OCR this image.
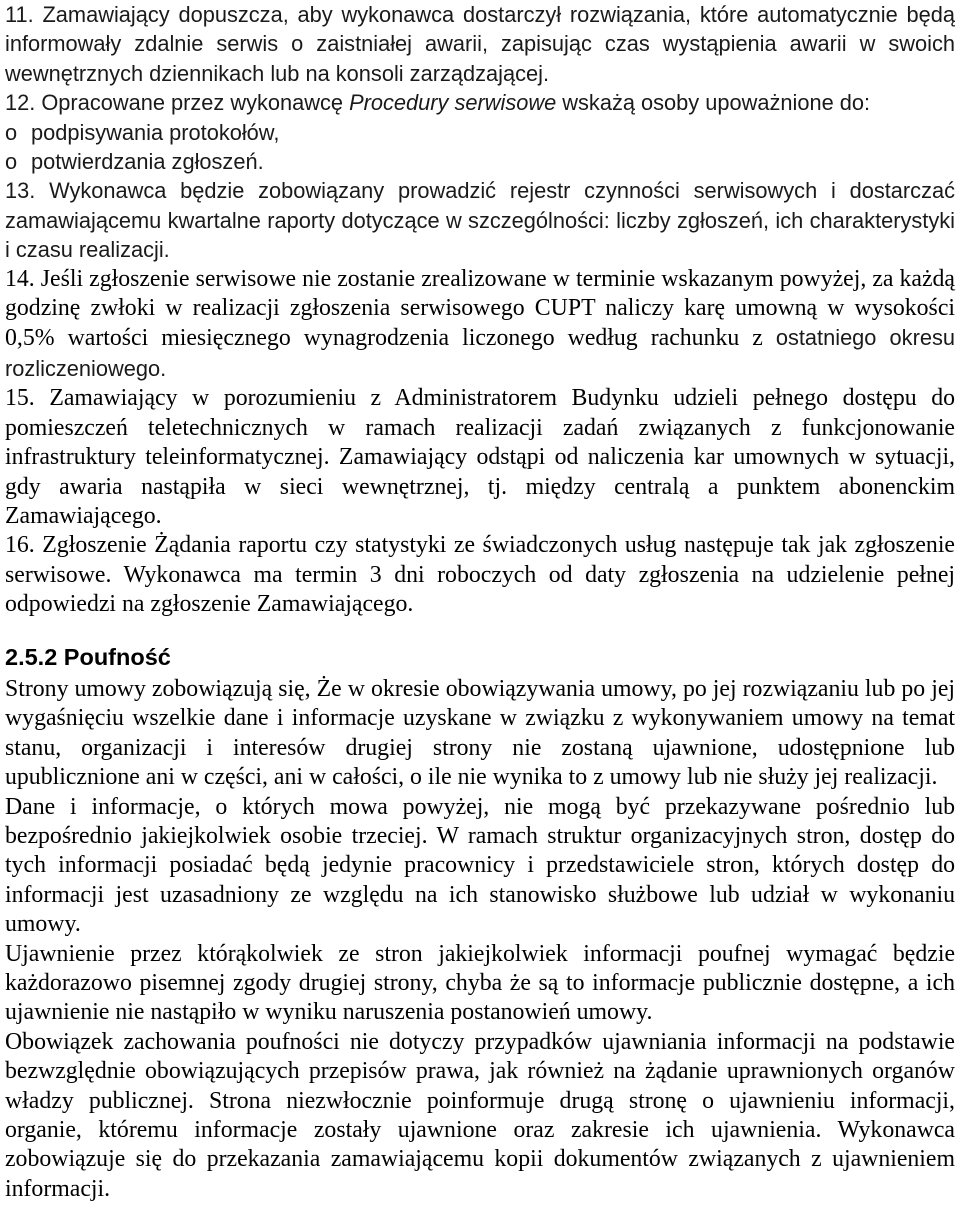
11. Zamawiający dopuszcza, aby wykonawca dostarczył rozwiązania, które automatycznie będą informowały zdalnie serwis o zaistniałej awarii, zapisując czas wystąpienia awarii w swoich wewnętrznych dziennikach lub na konsoli zarządzającej.

12. Opracowane przez wykonawcę Procedury serwisowe wskażą osoby upoważnione do:

o podpisywania protokołów,
o potwierdzania zgłoszeń.

13. Wykonawca będzie zobowiązany prowadzić rejestr czynności serwisowych i dostarczać zamawiającemu kwartalne raporty dotyczące w szczególności: liczby zgłoszeń, ich charakterystyki i czasu realizacji.

14. Jeśli zgłoszenie serwisowe nie zostanie zrealizowane w terminie wskazanym powyżej, za każdą godzinę zwłoki w realizacji zgłoszenia serwisowego CUPT naliczy karę umowną w wysokości 0,5% wartości miesięcznego wynagrodzenia liczonego według rachunku z ostatniego okresu rozliczeniowego.

15. Zamawiający w porozumieniu z Administratorem Budynku udzieli pełnego dostępu do pomieszczeń teletechnicznych w ramach realizacji zadań związanych z funkcjonowanie infrastruktury teleinformatycznej. Zamawiający odstąpi od naliczenia kar umownych w sytuacji, gdy awaria nastąpiła w sieci wewnętrznej, tj. między centralą a punktem abonenckim Zamawiającego.

16. Zgłoszenie Żądania raportu czy statystyki ze świadczonych usług następuje tak jak zgłoszenie serwisowe. Wykonawca ma termin 3 dni roboczych od daty zgłoszenia na udzielenie pełnej odpowiedzi na zgłoszenie Zamawiającego.

2.5.2 Poufność

Strony umowy zobowiązują się, Że w okresie obowiązywania umowy, po jej rozwiązaniu lub po jej wygaśnięciu wszelkie dane i informacje uzyskane w związku z wykonywaniem umowy na temat stanu, organizacji i interesów drugiej strony nie zostaną ujawnione, udostępnione lub upublicznione ani w części, ani w całości, o ile nie wynika to z umowy lub nie służy jej realizacji.

Dane i informacje, o których mowa powyżej, nie mogą być przekazywane pośrednio lub bezpośrednio jakiejkolwiek osobie trzeciej. W ramach struktur organizacyjnych stron, dostęp do tych informacji posiadać będą jedynie pracownicy i przedstawiciele stron, których dostęp do informacji jest uzasadniony ze względu na ich stanowisko służbowe lub udział w wykonaniu umowy.

Ujawnienie przez którąkolwiek ze stron jakiejkolwiek informacji poufnej wymagać będzie każdorazowo pisemnej zgody drugiej strony, chyba że są to informacje publicznie dostępne, a ich ujawnienie nie nastąpiło w wyniku naruszenia postanowień umowy.

Obowiązek zachowania poufności nie dotyczy przypadków ujawniania informacji na podstawie bezwzględnie obowiązujących przepisów prawa, jak również na żądanie uprawnionych organów władzy publicznej. Strona niezwłocznie poinformuje drugą stronę o ujawnieniu informacji, organie, któremu informacje zostały ujawnione oraz zakresie ich ujawnienia. Wykonawca zobowiązuje się do przekazania zamawiającemu kopii dokumentów związanych z ujawnieniem informacji.
